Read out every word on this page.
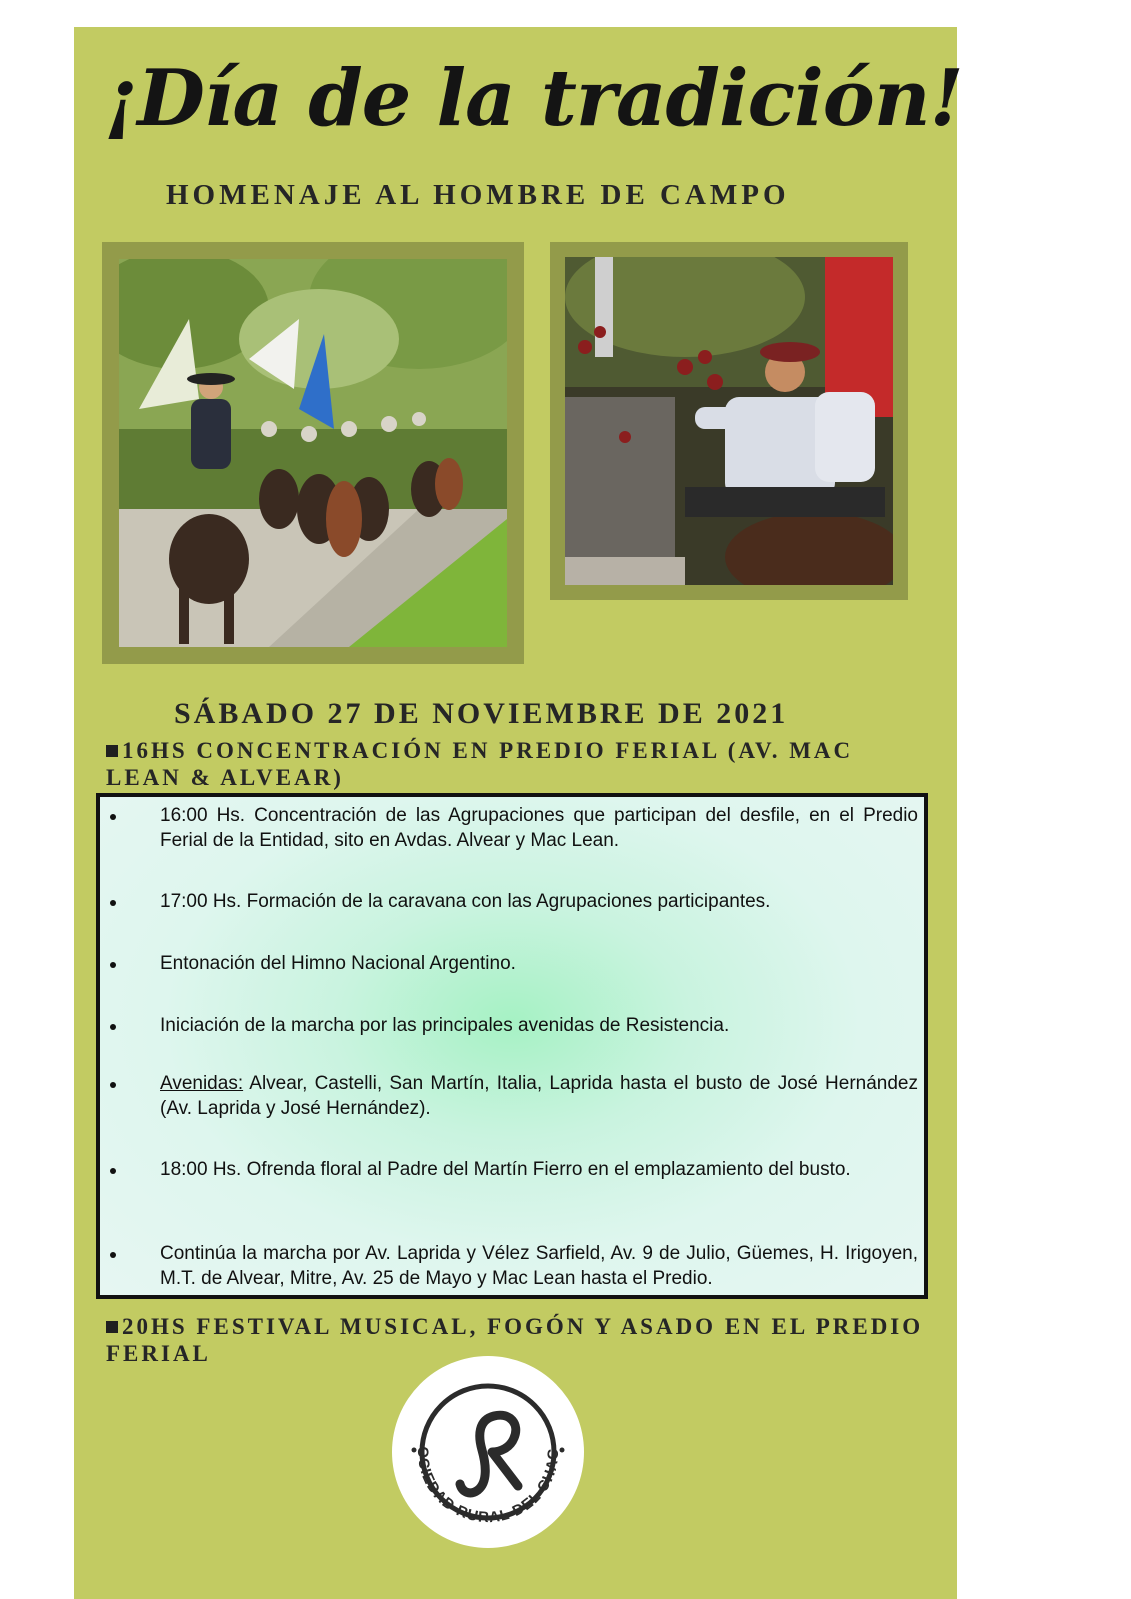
¡Día de la tradición!
HOMENAJE AL HOMBRE DE CAMPO
SÁBADO 27 DE NOVIEMBRE DE 2021

16HS CONCENTRACIÓN EN PREDIO FERIAL (AV. MAC LEAN & ALVEAR)

16:00 Hs. Concentración de las Agrupaciones que participan del desfile, en el Predio Ferial de la Entidad, sito en Avdas. Alvear y Mac Lean.
17:00 Hs. Formación de la caravana con las Agrupaciones participantes.
Entonación del Himno Nacional Argentino.
Iniciación de la marcha por las principales avenidas de Resistencia.
Avenidas: Alvear, Castelli, San Martín, Italia, Laprida hasta el busto de José Hernández (Av. Laprida y José Hernández).
18:00 Hs. Ofrenda floral al Padre del Martín Fierro en el emplazamiento del busto.
Continúa la marcha por Av. Laprida y Vélez Sarfield, Av. 9 de Julio, Güemes, H. Irigoyen, M.T. de Alvear, Mitre, Av. 25 de Mayo y Mac Lean hasta el Predio.

20HS FESTIVAL MUSICAL, FOGÓN Y ASADO EN EL PREDIO FERIAL

OCIEDAD RURAL DEL CHAC
